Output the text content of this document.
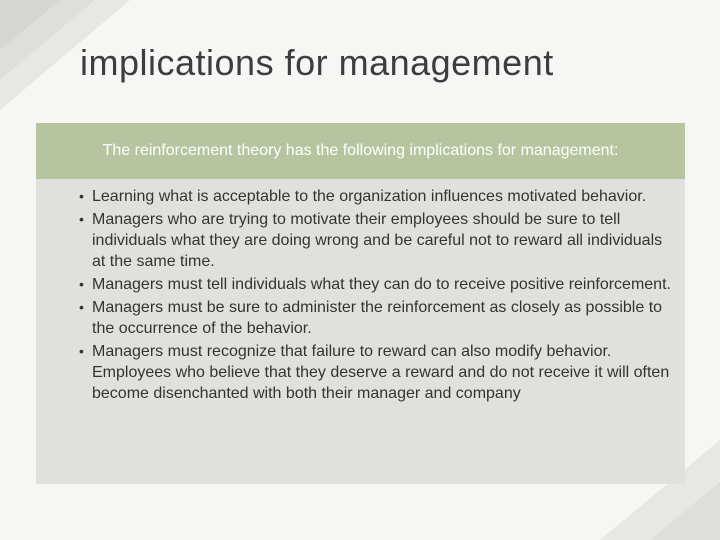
implications for management
The reinforcement theory has the following implications for management:
• Learning what is acceptable to the organization influences motivated behavior.
• Managers who are trying to motivate their employees should be sure to tell individuals what they are doing wrong and be careful not to reward all individuals at the same time.
• Managers must tell individuals what they can do to receive positive reinforcement.
• Managers must be sure to administer the reinforcement as closely as possible to the occurrence of the behavior.
• Managers must recognize that failure to reward can also modify behavior. Employees who believe that they deserve a reward and do not receive it will often become disenchanted with both their manager and company
